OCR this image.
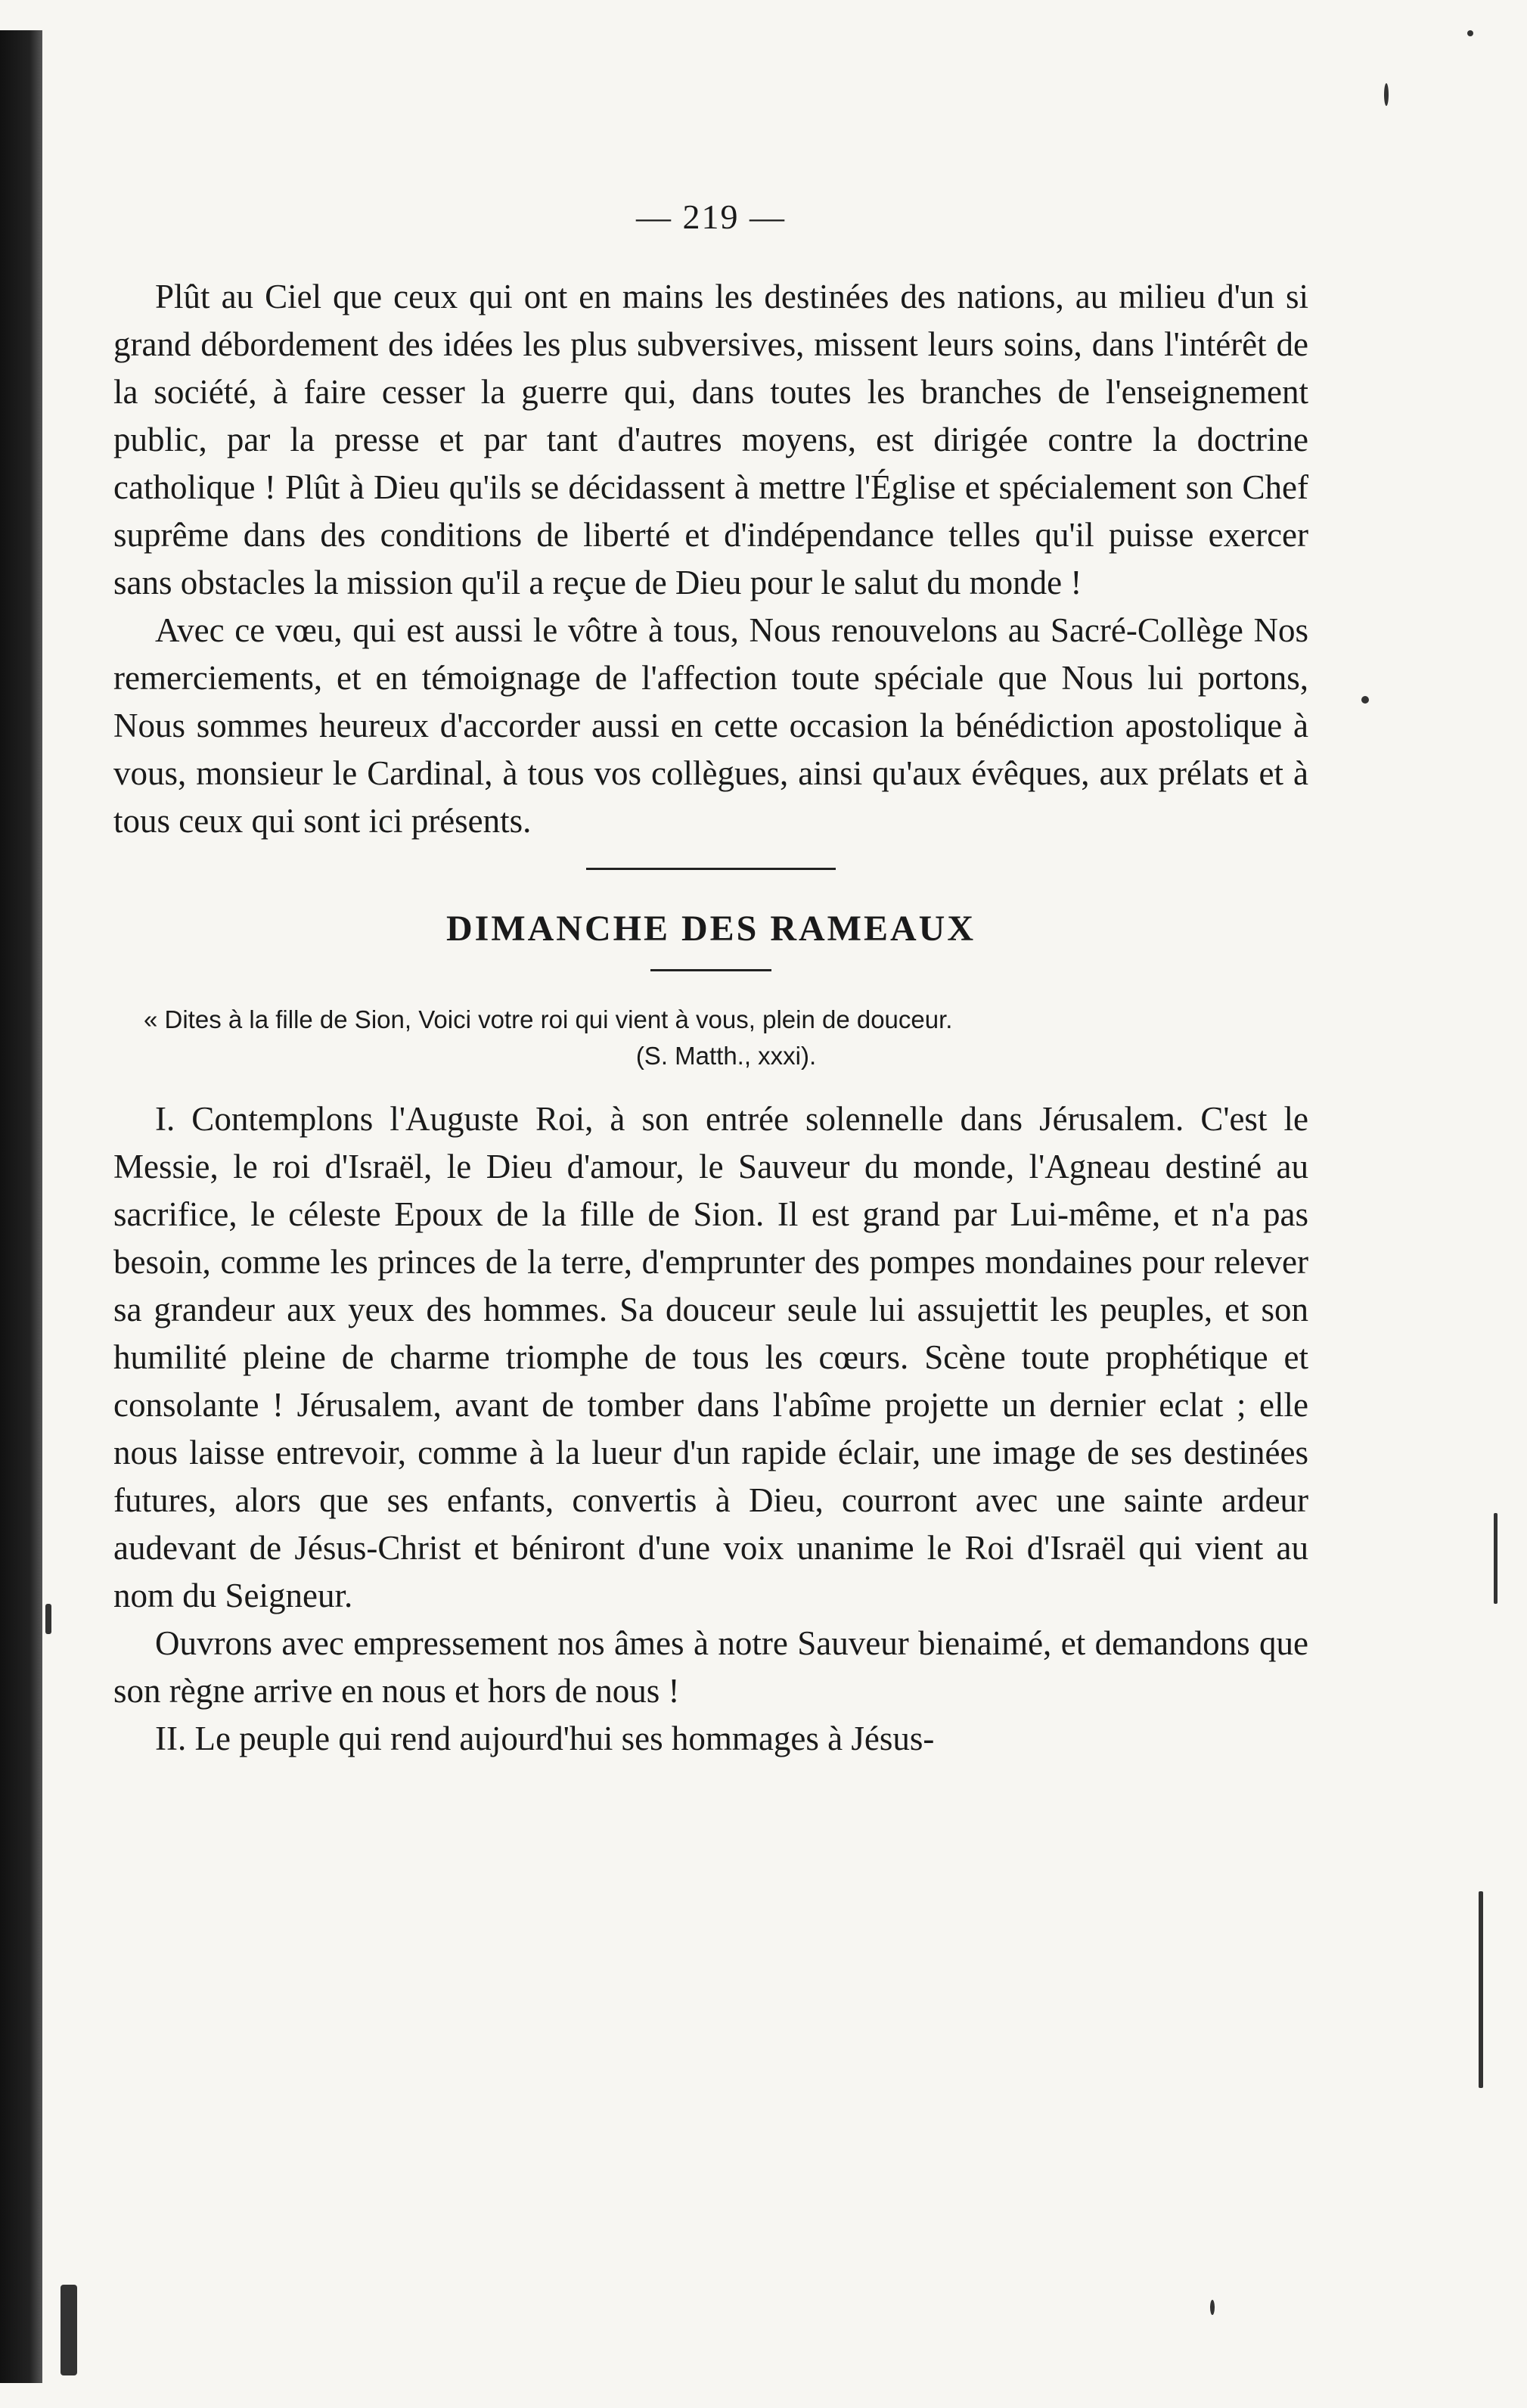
— 219 —

Plût au Ciel que ceux qui ont en mains les destinées des nations, au milieu d'un si grand débordement des idées les plus subversives, missent leurs soins, dans l'intérêt de la société, à faire cesser la guerre qui, dans toutes les branches de l'enseignement public, par la presse et par tant d'autres moyens, est dirigée contre la doctrine catholique ! Plût à Dieu qu'ils se décidassent à mettre l'Église et spécialement son Chef suprême dans des conditions de liberté et d'indépendance telles qu'il puisse exercer sans obstacles la mission qu'il a reçue de Dieu pour le salut du monde !

Avec ce vœu, qui est aussi le vôtre à tous, Nous renouvelons au Sacré-Collège Nos remerciements, et en témoignage de l'affection toute spéciale que Nous lui portons, Nous sommes heureux d'accorder aussi en cette occasion la bénédiction apostolique à vous, monsieur le Cardinal, à tous vos collègues, ainsi qu'aux évêques, aux prélats et à tous ceux qui sont ici présents.

DIMANCHE DES RAMEAUX
« Dites à la fille de Sion, Voici votre roi qui vient à vous, plein de douceur.
(S. Matth., xxxi).

I. Contemplons l'Auguste Roi, à son entrée solennelle dans Jérusalem. C'est le Messie, le roi d'Israël, le Dieu d'amour, le Sauveur du monde, l'Agneau destiné au sacrifice, le céleste Epoux de la fille de Sion. Il est grand par Lui-même, et n'a pas besoin, comme les princes de la terre, d'emprunter des pompes mondaines pour relever sa grandeur aux yeux des hommes. Sa douceur seule lui assujettit les peuples, et son humilité pleine de charme triomphe de tous les cœurs. Scène toute prophétique et consolante ! Jérusalem, avant de tomber dans l'abîme projette un dernier eclat ; elle nous laisse entrevoir, comme à la lueur d'un rapide éclair, une image de ses destinées futures, alors que ses enfants, convertis à Dieu, courront avec une sainte ardeur audevant de Jésus-Christ et béniront d'une voix unanime le Roi d'Israël qui vient au nom du Seigneur.

Ouvrons avec empressement nos âmes à notre Sauveur bienaimé, et demandons que son règne arrive en nous et hors de nous !

II. Le peuple qui rend aujourd'hui ses hommages à Jésus-
